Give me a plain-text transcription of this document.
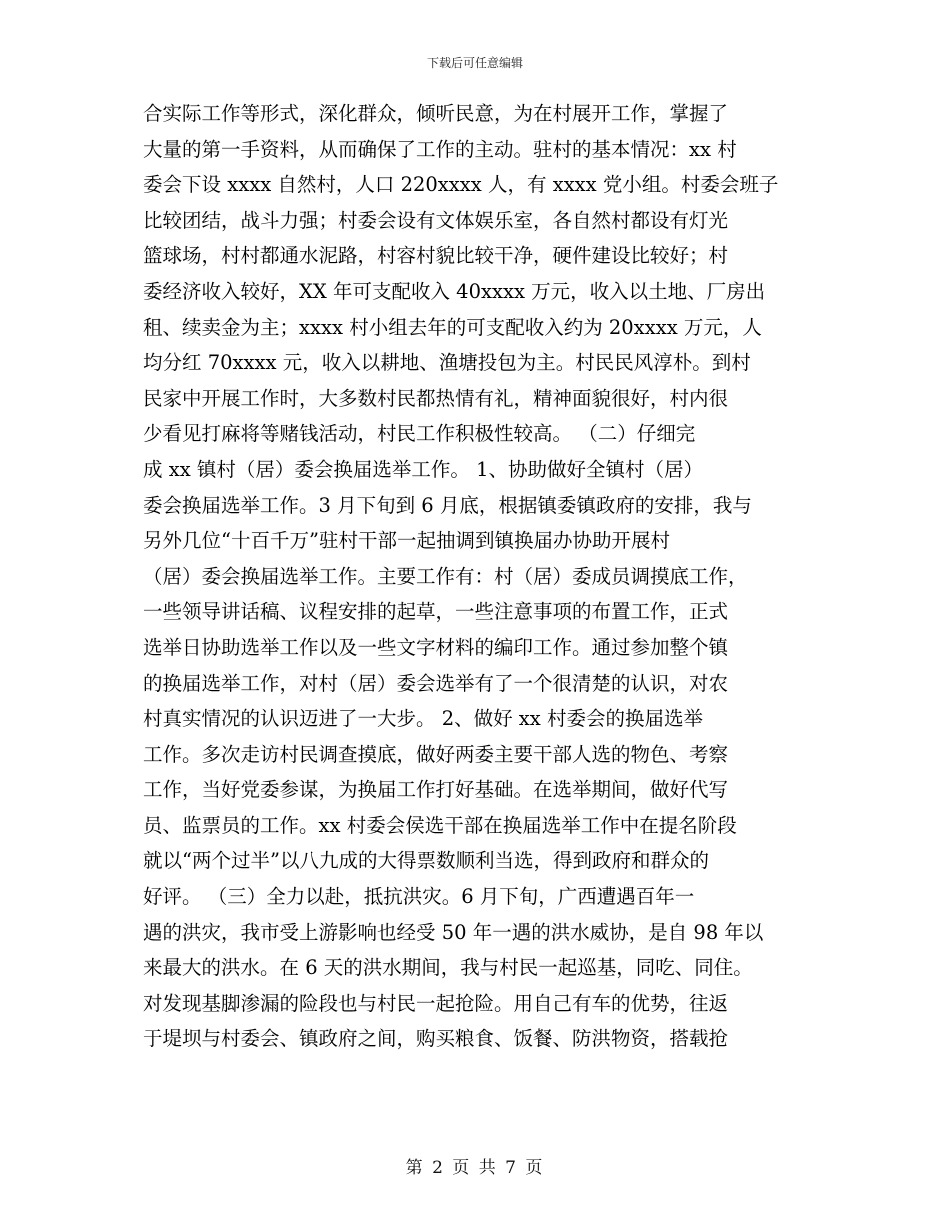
下载后可任意编辑
合实际工作等形式，深化群众，倾听民意，为在村展开工作，掌握了
大量的第一手资料，从而确保了工作的主动。驻村的基本情况：xx 村
委会下设 xxxx 自然村，人口 220xxxx 人，有 xxxx 党小组。村委会班子
比较团结，战斗力强；村委会设有文体娱乐室，各自然村都设有灯光
篮球场，村村都通水泥路，村容村貌比较干净，硬件建设比较好；村
委经济收入较好，XX 年可支配收入 40xxxx 万元，收入以土地、厂房出
租、续卖金为主；xxxx 村小组去年的可支配收入约为 20xxxx 万元，人
均分红 70xxxx 元，收入以耕地、渔塘投包为主。村民民风淳朴。到村
民家中开展工作时，大多数村民都热情有礼，精神面貌很好，村内很
少看见打麻将等赌钱活动，村民工作积极性较高。 （二）仔细完
成 xx 镇村（居）委会换届选举工作。 1、协助做好全镇村（居）
委会换届选举工作。3 月下旬到 6 月底，根据镇委镇政府的安排，我与
另外几位“十百千万”驻村干部一起抽调到镇换届办协助开展村
（居）委会换届选举工作。主要工作有：村（居）委成员调摸底工作，
一些领导讲话稿、议程安排的起草，一些注意事项的布置工作，正式
选举日协助选举工作以及一些文字材料的编印工作。通过参加整个镇
的换届选举工作，对村（居）委会选举有了一个很清楚的认识，对农
村真实情况的认识迈进了一大步。 2、做好 xx 村委会的换届选举
工作。多次走访村民调查摸底，做好两委主要干部人选的物色、考察
工作，当好党委参谋，为换届工作打好基础。在选举期间，做好代写
员、监票员的工作。xx 村委会侯选干部在换届选举工作中在提名阶段
就以“两个过半”以八九成的大得票数顺利当选，得到政府和群众的
好评。 （三）全力以赴，抵抗洪灾。6 月下旬，广西遭遇百年一
遇的洪灾，我市受上游影响也经受 50 年一遇的洪水威协，是自 98 年以
来最大的洪水。在 6 天的洪水期间，我与村民一起巡基，同吃、同住。
对发现基脚渗漏的险段也与村民一起抢险。用自己有车的优势，往返
于堤坝与村委会、镇政府之间，购买粮食、饭餐、防洪物资，搭载抢
第 2 页 共 7 页
